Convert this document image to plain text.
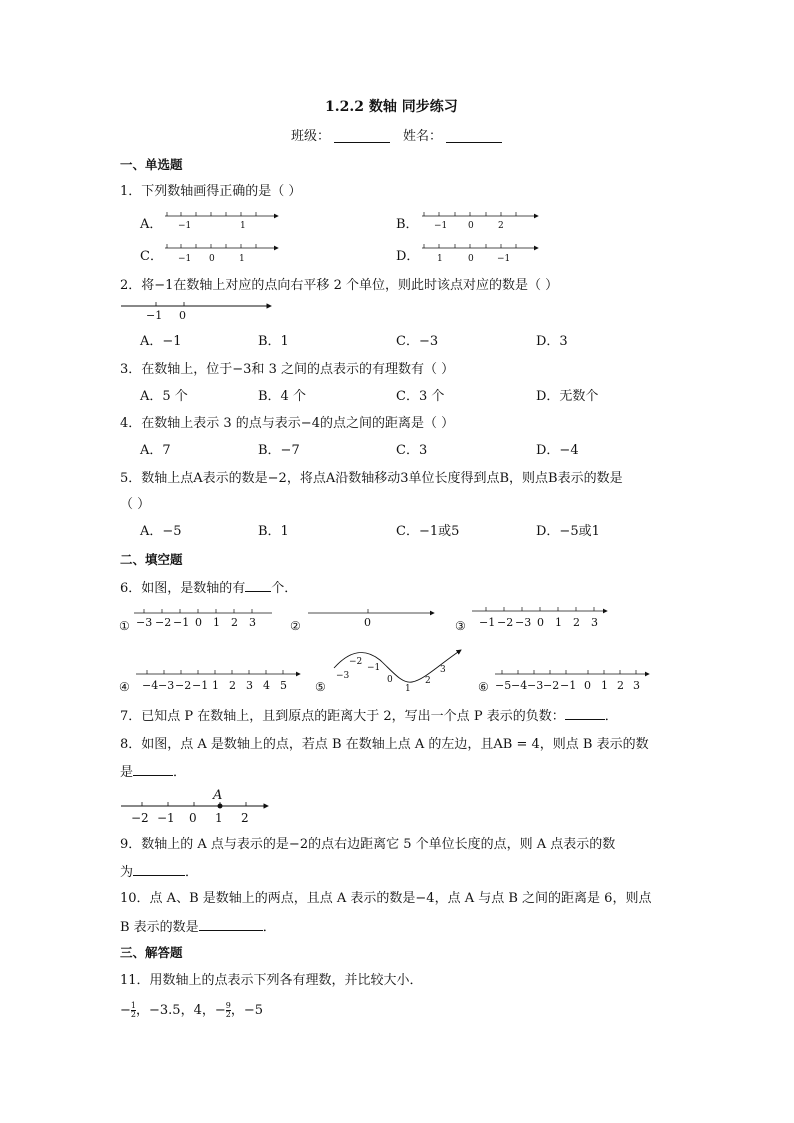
1.2.2 数轴 同步练习
班级：	姓名：
一、单选题
1．下列数轴画得正确的是（ ）
A．	B．
C．	D．
−1	1	−1 0	2
−1 0	1	1	0	−1
−1 0
① −3 −2 −1 0 1 2 3	②	0	③ −1 −2 −3 0 1 2 3
④ −4 −3 −2 −1 1 2 3 4 5 ⑤
−3
−2
−1
0
1
2
3
⑥ −5 −4 −3 −2 −1 0 1 2 3
A
−2 −1 0 1 2
2．将−1在数轴上对应的点向右平移 2 个单位，则此时该点对应的数是（ ）
A．−1	B．1	C．−3	D．3
3．在数轴上，位于−3和 3 之间的点表示的有理数有（ ）
A．5 个	B．4 个	C．3 个	D．无数个
4．在数轴上表示 3 的点与表示−4的点之间的距离是（ ）
A．7	B．−7	C．3	D．−4
5．数轴上点A表示的数是−2，将点A沿数轴移动3单位长度得到点B，则点B表示的数是
（ ）
A．−5	B．1	C．−1或5	D．−5或1
二、填空题
6．如图，是数轴的有 个．
7．已知点 P 在数轴上，且到原点的距离大于 2，写出一个点 P 表示的负数：	．
8．如图，点 A 是数轴上的点，若点 B 在数轴上点 A 的左边，且AB = 4，则点 B 表示的数
是	．
9．数轴上的 A 点与表示的是−2的点右边距离它 5 个单位长度的点，则 A 点表示的数
为	．
10．点 A、B 是数轴上的两点，且点 A 表示的数是−4，点 A 与点 B 之间的距离是 6，则点
B 表示的数是	．
三、解答题
11．用数轴上的点表示下列各有理数，并比较大小．
− $\frac{1}{2}$ ，−3.5，4，− $\frac{9}{2}$ ，−5
